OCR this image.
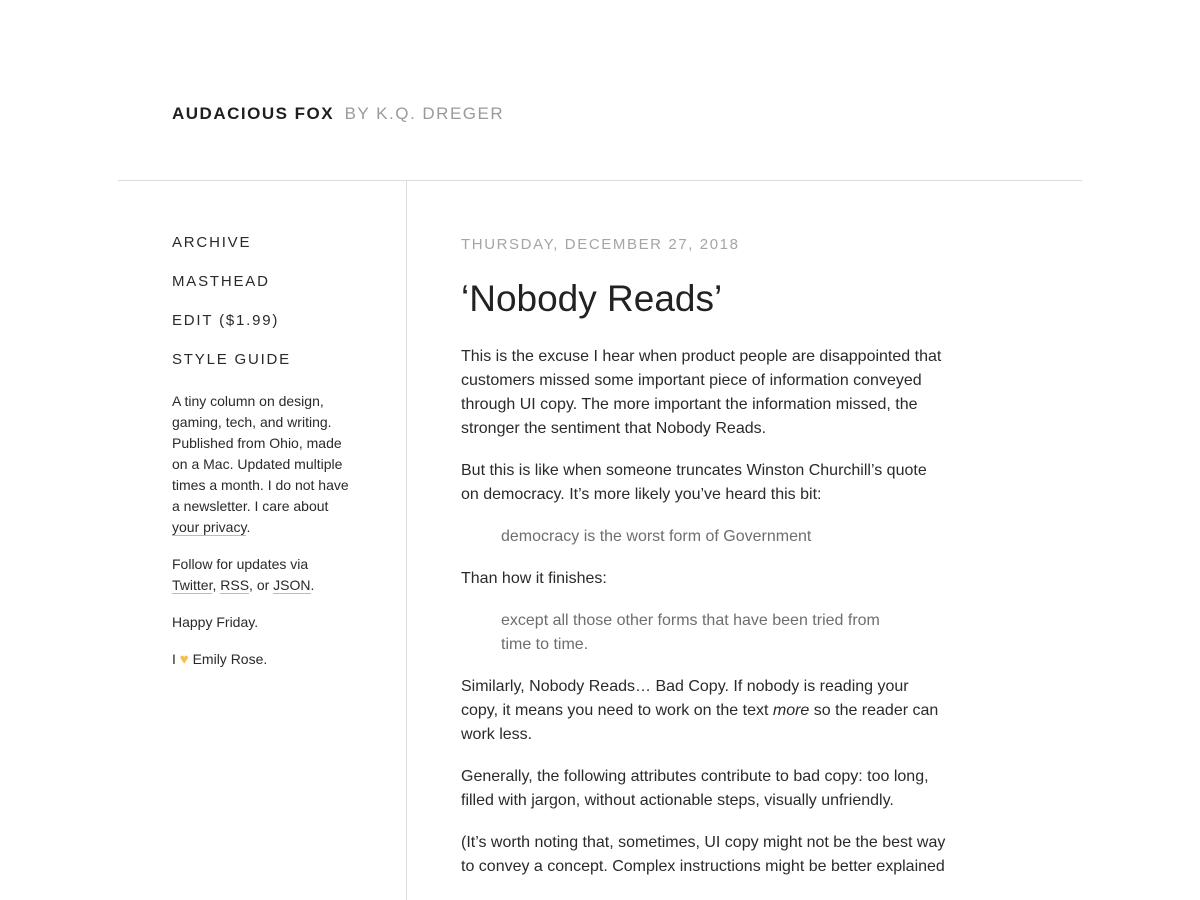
AUDACIOUS FOX BY K.Q. DREGER
ARCHIVE
MASTHEAD
EDIT ($1.99)
STYLE GUIDE

A tiny column on design, gaming, tech, and writing. Published from Ohio, made on a Mac. Updated multiple times a month. I do not have a newsletter. I care about your privacy.

Follow for updates via Twitter, RSS, or JSON.

Happy Friday.

I ♥ Emily Rose.

THURSDAY, DECEMBER 27, 2018

‘Nobody Reads’

This is the excuse I hear when product people are disappointed that customers missed some important piece of information conveyed through UI copy. The more important the information missed, the stronger the sentiment that Nobody Reads.

But this is like when someone truncates Winston Churchill’s quote on democracy. It’s more likely you’ve heard this bit:

democracy is the worst form of Government

Than how it finishes:

except all those other forms that have been tried from time to time.

Similarly, Nobody Reads… Bad Copy. If nobody is reading your copy, it means you need to work on the text more so the reader can work less.

Generally, the following attributes contribute to bad copy: too long, filled with jargon, without actionable steps, visually unfriendly.

(It’s worth noting that, sometimes, UI copy might not be the best way to convey a concept. Complex instructions might be better explained
